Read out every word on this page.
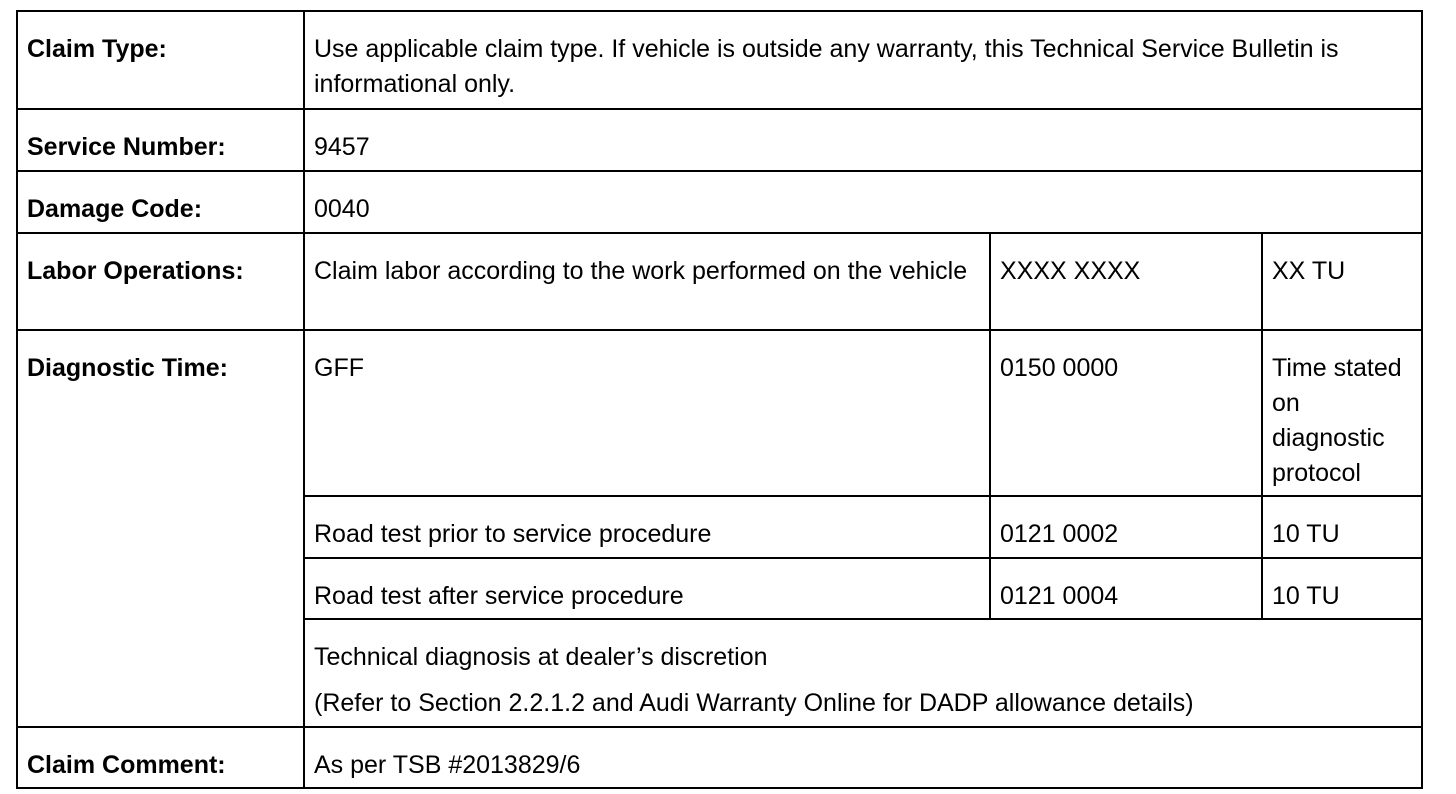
Claim Type:	Use applicable claim type. If vehicle is outside any warranty, this Technical Service Bulletin is informational only.		
Service Number:	9457		
Damage Code:	0040		
Labor Operations:	Claim labor according to the work performed on the vehicle	XXXX XXXX	XX TU
Diagnostic Time:	GFF	0150 0000	Time stated on diagnostic protocol
	Road test prior to service procedure	0121 0002	10 TU
	Road test after service procedure	0121 0004	10 TU

	Technical diagnosis at dealer’s discretion
(Refer to Section 2.2.1.2 and Audi Warranty Online for DADP allowance details)		

Claim Comment:	As per TSB #2013829/6		
